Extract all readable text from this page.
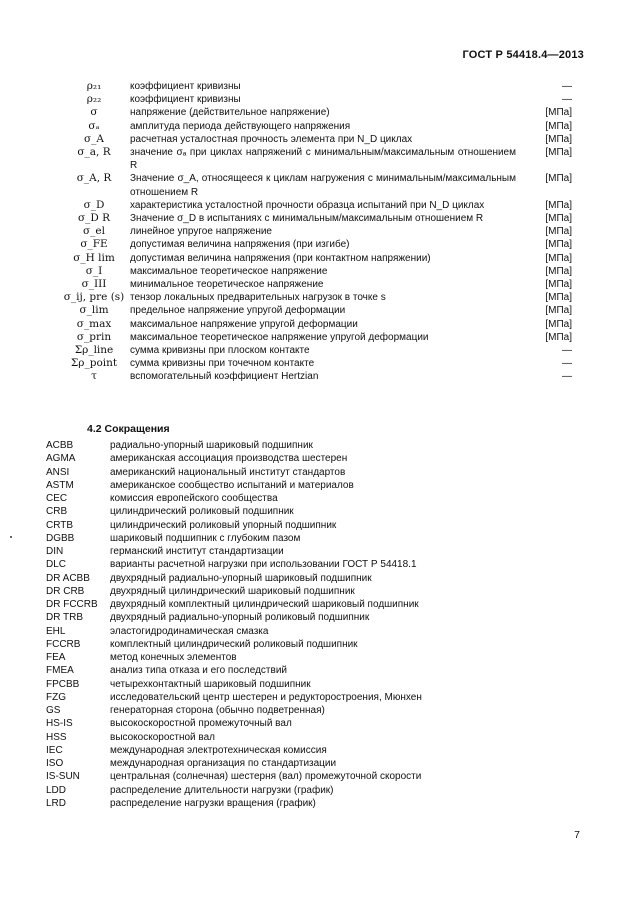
ГОСТ Р 54418.4—2013
ρ₂₁	коэффициент кривизны	—
ρ₂₂	коэффициент кривизны	—
σ	напряжение (действительное напряжение)	[МПа]
σₐ	амплитуда периода действующего напряжения	[МПа]
σ_A	расчетная усталостная прочность элемента при N_D циклах	[МПа]
σ_a, R	значение σₐ при циклах напряжений с минимальным/максимальным отношением R	[МПа]
σ_A, R	Значение σ_A, относящееся к циклам нагружения с минимальным/максимальным отношением R	[МПа]
σ_D	характеристика усталостной прочности образца испытаний при N_D циклах	[МПа]
σ_D R	Значение σ_D в испытаниях с минимальным/максимальным отношением R	[МПа]
σ_el	линейное упругое напряжение	[МПа]
σ_FE	допустимая величина напряжения (при изгибе)	[МПа]
σ_H lim	допустимая величина напряжения (при контактном напряжении)	[МПа]
σ_I	максимальное теоретическое напряжение	[МПа]
σ_III	минимальное теоретическое напряжение	[МПа]
σ_ij, pre (s)	тензор локальных предварительных нагрузок в точке s	[МПа]
σ_lim	предельное напряжение упругой деформации	[МПа]
σ_max	максимальное напряжение упругой деформации	[МПа]
σ_prin	максимальное теоретическое напряжение упругой деформации	[МПа]
Σρ_line	сумма кривизны при плоском контакте	—
Σρ_point	сумма кривизны при точечном контакте	—
τ	вспомогательный коэффициент Hertzian	—
4.2 Сокращения
ACBB	радиально-упорный шариковый подшипник
AGMA	американская ассоциация производства шестерен
ANSI	американский национальный институт стандартов
ASTM	американское сообщество испытаний и материалов
CEC	комиссия европейского сообщества
CRB	цилиндрический роликовый подшипник
CRTB	цилиндрический роликовый упорный подшипник
DGBB	шариковый подшипник с глубоким пазом
DIN	германский институт стандартизации
DLC	варианты расчетной нагрузки при использовании ГОСТ Р 54418.1
DR ACBB	двухрядный радиально-упорный шариковый подшипник
DR CRB	двухрядный цилиндрический шариковый подшипник
DR FCCRB	двухрядный комплектный цилиндрический шариковый подшипник
DR TRB	двухрядный радиально-упорный роликовый подшипник
EHL	эластогидродинамическая смазка
FCCRB	комплектный цилиндрический роликовый подшипник
FEA	метод конечных элементов
FMEA	анализ типа отказа и его последствий
FPCBB	четырехконтактный шариковый подшипник
FZG	исследовательский центр шестерен и редуктоpостроения, Мюнхен
GS	генераторная сторона (обычно подветренная)
HS-IS	высокоскоростной промежуточный вал
HSS	высокоскоростной вал
IEC	международная электротехническая комиссия
ISO	международная организация по стандартизации
IS-SUN	центральная (солнечная) шестерня (вал) промежуточной скорости
LDD	распределение длительности нагрузки (график)
LRD	распределение нагрузки вращения (график)
7
